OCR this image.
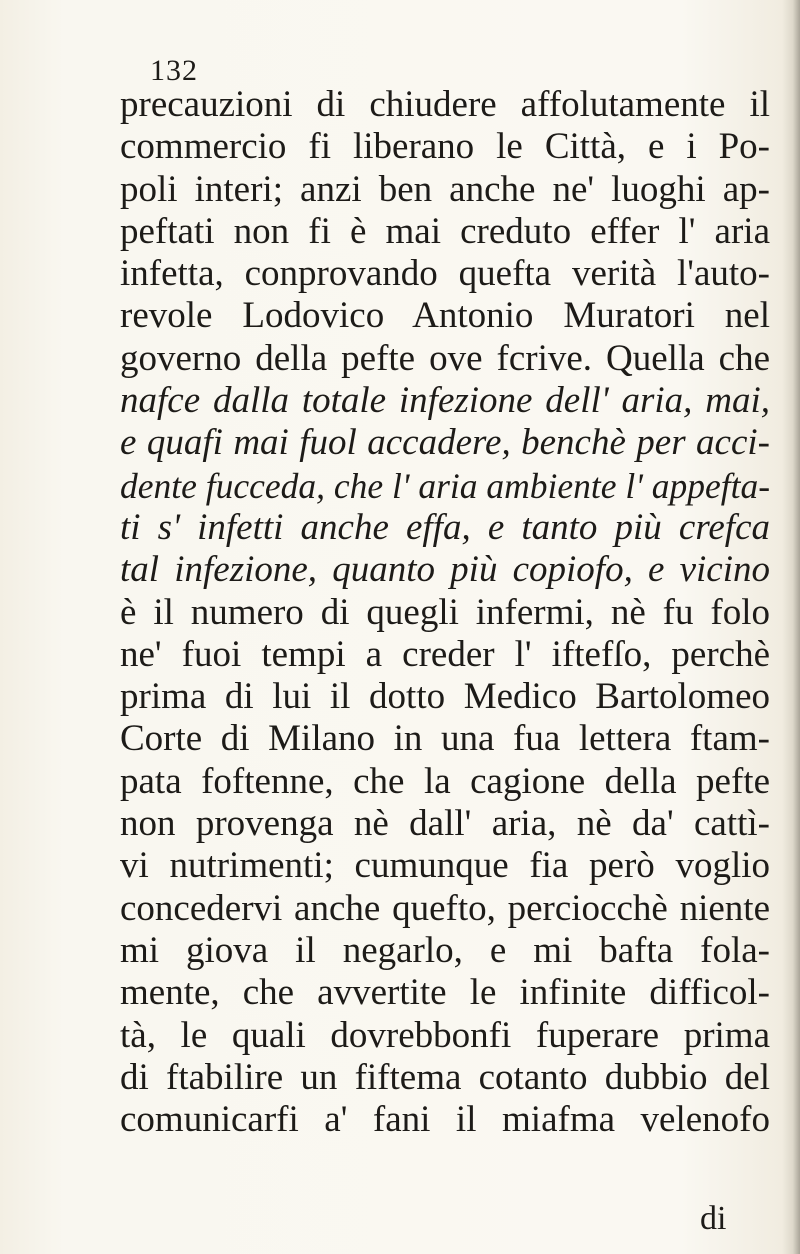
132
precauzioni di chiudere affolutamente il
commercio fi liberano le Città, e i Po-
poli interi; anzi ben anche ne' luoghi ap-
peftati non fi è mai creduto effer l' aria
infetta, conprovando quefta verità l'auto-
revole Lodovico Antonio Muratori nel
governo della pefte ove fcrive. Quella che
nafce dalla totale infezione dell' aria, mai,
e quafi mai fuol accadere, benchè per acci-
dente fucceda, che l' aria ambiente l' appefta-
ti s' infetti anche effa, e tanto più crefca
tal infezione, quanto più copiofo, e vicino
è il numero di quegli infermi, nè fu folo
ne' fuoi tempi a creder l' iftefſo, perchè
prima di lui il dotto Medico Bartolomeo
Corte di Milano in una fua lettera ftam-
pata foftenne, che la cagione della pefte
non provenga nè dall' aria, nè da' cattì-
vi nutrimenti; cumunque fia però voglio
concedervi anche quefto, perciocchè niente
mi giova il negarlo, e mi bafta fola-
mente, che avvertite le infinite difficol-
tà, le quali dovrebbonfi fuperare prima
di ftabilire un fiftema cotanto dubbio del
comunicarfi a' fani il miafma velenofo
di
